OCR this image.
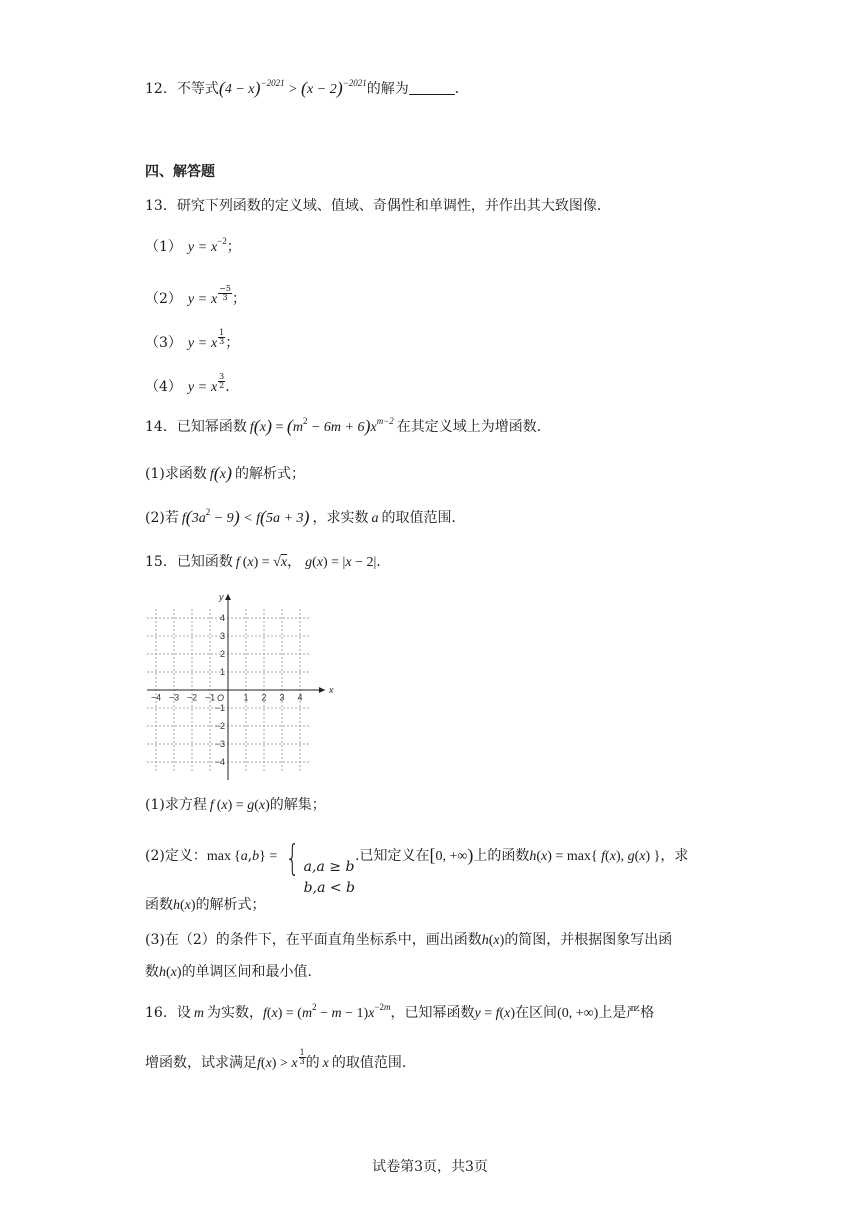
12．不等式$(4 - x)^{-2021} > (x - 2)^{-2021}$的解为	．
四、解答题
13．研究下列函数的定义域、值域、奇偶性和单调性，并作出其大致图像．
（1） $y = x^{-2}$；
（2） y = x $\frac{-5}{3}$ ；
（3） y = x $\frac{1}{3}$ ；
（4） y = x $\frac{3}{2}$ ．
14．已知幂函数 $f(x) = (m^2 - 6m + 6)x^{m-2}$ 在其定义域上为增函数．
(1)求函数 f(x) 的解析式；
(2)若 $f(3a^2 - 9) < f(5a + 3)$ ，求实数 a 的取值范围．
15．已知函数 f (x) = √x， g(x) = |x − 2|.
−4 −3 −2 −1	1 2 3 4
4
3
2
1
−1
−2
−3
−4
O
x
y
(1)求方程 f (x) = g(x)的解集；
(2)定义：max {a,b} = { a,a ≥ b
b,a < b
.已知定义在[0, +∞)上的函数h(x) = max{ f(x), g(x) }，求
函数h(x)的解析式；
(3)在（2）的条件下，在平面直角坐标系中，画出函数h(x)的简图，并根据图象写出函
数h(x)的单调区间和最小值.
16．设 m 为实数，$f(x) = (m^2 - m - 1)x^{-2m}$，已知幂函数y = f(x)在区间(0, +∞)上是严格
增函数，试求满足f(x) > x $\frac{1}{3}$ 的 x 的取值范围．
试卷第3页，共3页
